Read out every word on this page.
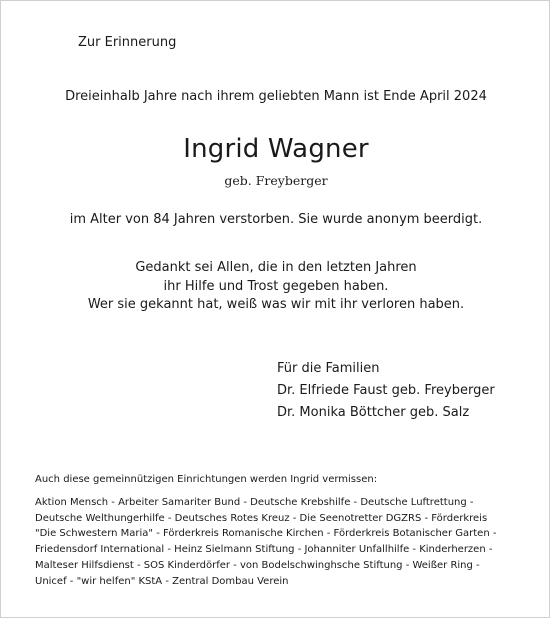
Zur Erinnerung
Dreieinhalb Jahre nach ihrem geliebten Mann ist Ende April 2024
Ingrid Wagner
geb. Freyberger
im Alter von 84 Jahren verstorben. Sie wurde anonym beerdigt.
Gedankt sei Allen, die in den letzten Jahren
ihr Hilfe und Trost gegeben haben.
Wer sie gekannt hat, weiß was wir mit ihr verloren haben.
Für die Familien
Dr. Elfriede Faust geb. Freyberger
Dr. Monika Böttcher geb. Salz
Auch diese gemeinnützigen Einrichtungen werden Ingrid vermissen:
Aktion Mensch - Arbeiter Samariter Bund - Deutsche Krebshilfe - Deutsche Luftrettung -
Deutsche Welthungerhilfe - Deutsches Rotes Kreuz - Die Seenotretter DGZRS - Förderkreis
"Die Schwestern Maria" - Förderkreis Romanische Kirchen - Förderkreis Botanischer Garten -
Friedensdorf International - Heinz Sielmann Stiftung - Johanniter Unfallhilfe - Kinderherzen -
Malteser Hilfsdienst - SOS Kinderdörfer - von Bodelschwinghsche Stiftung - Weißer Ring -
Unicef - "wir helfen" KStA - Zentral Dombau Verein
